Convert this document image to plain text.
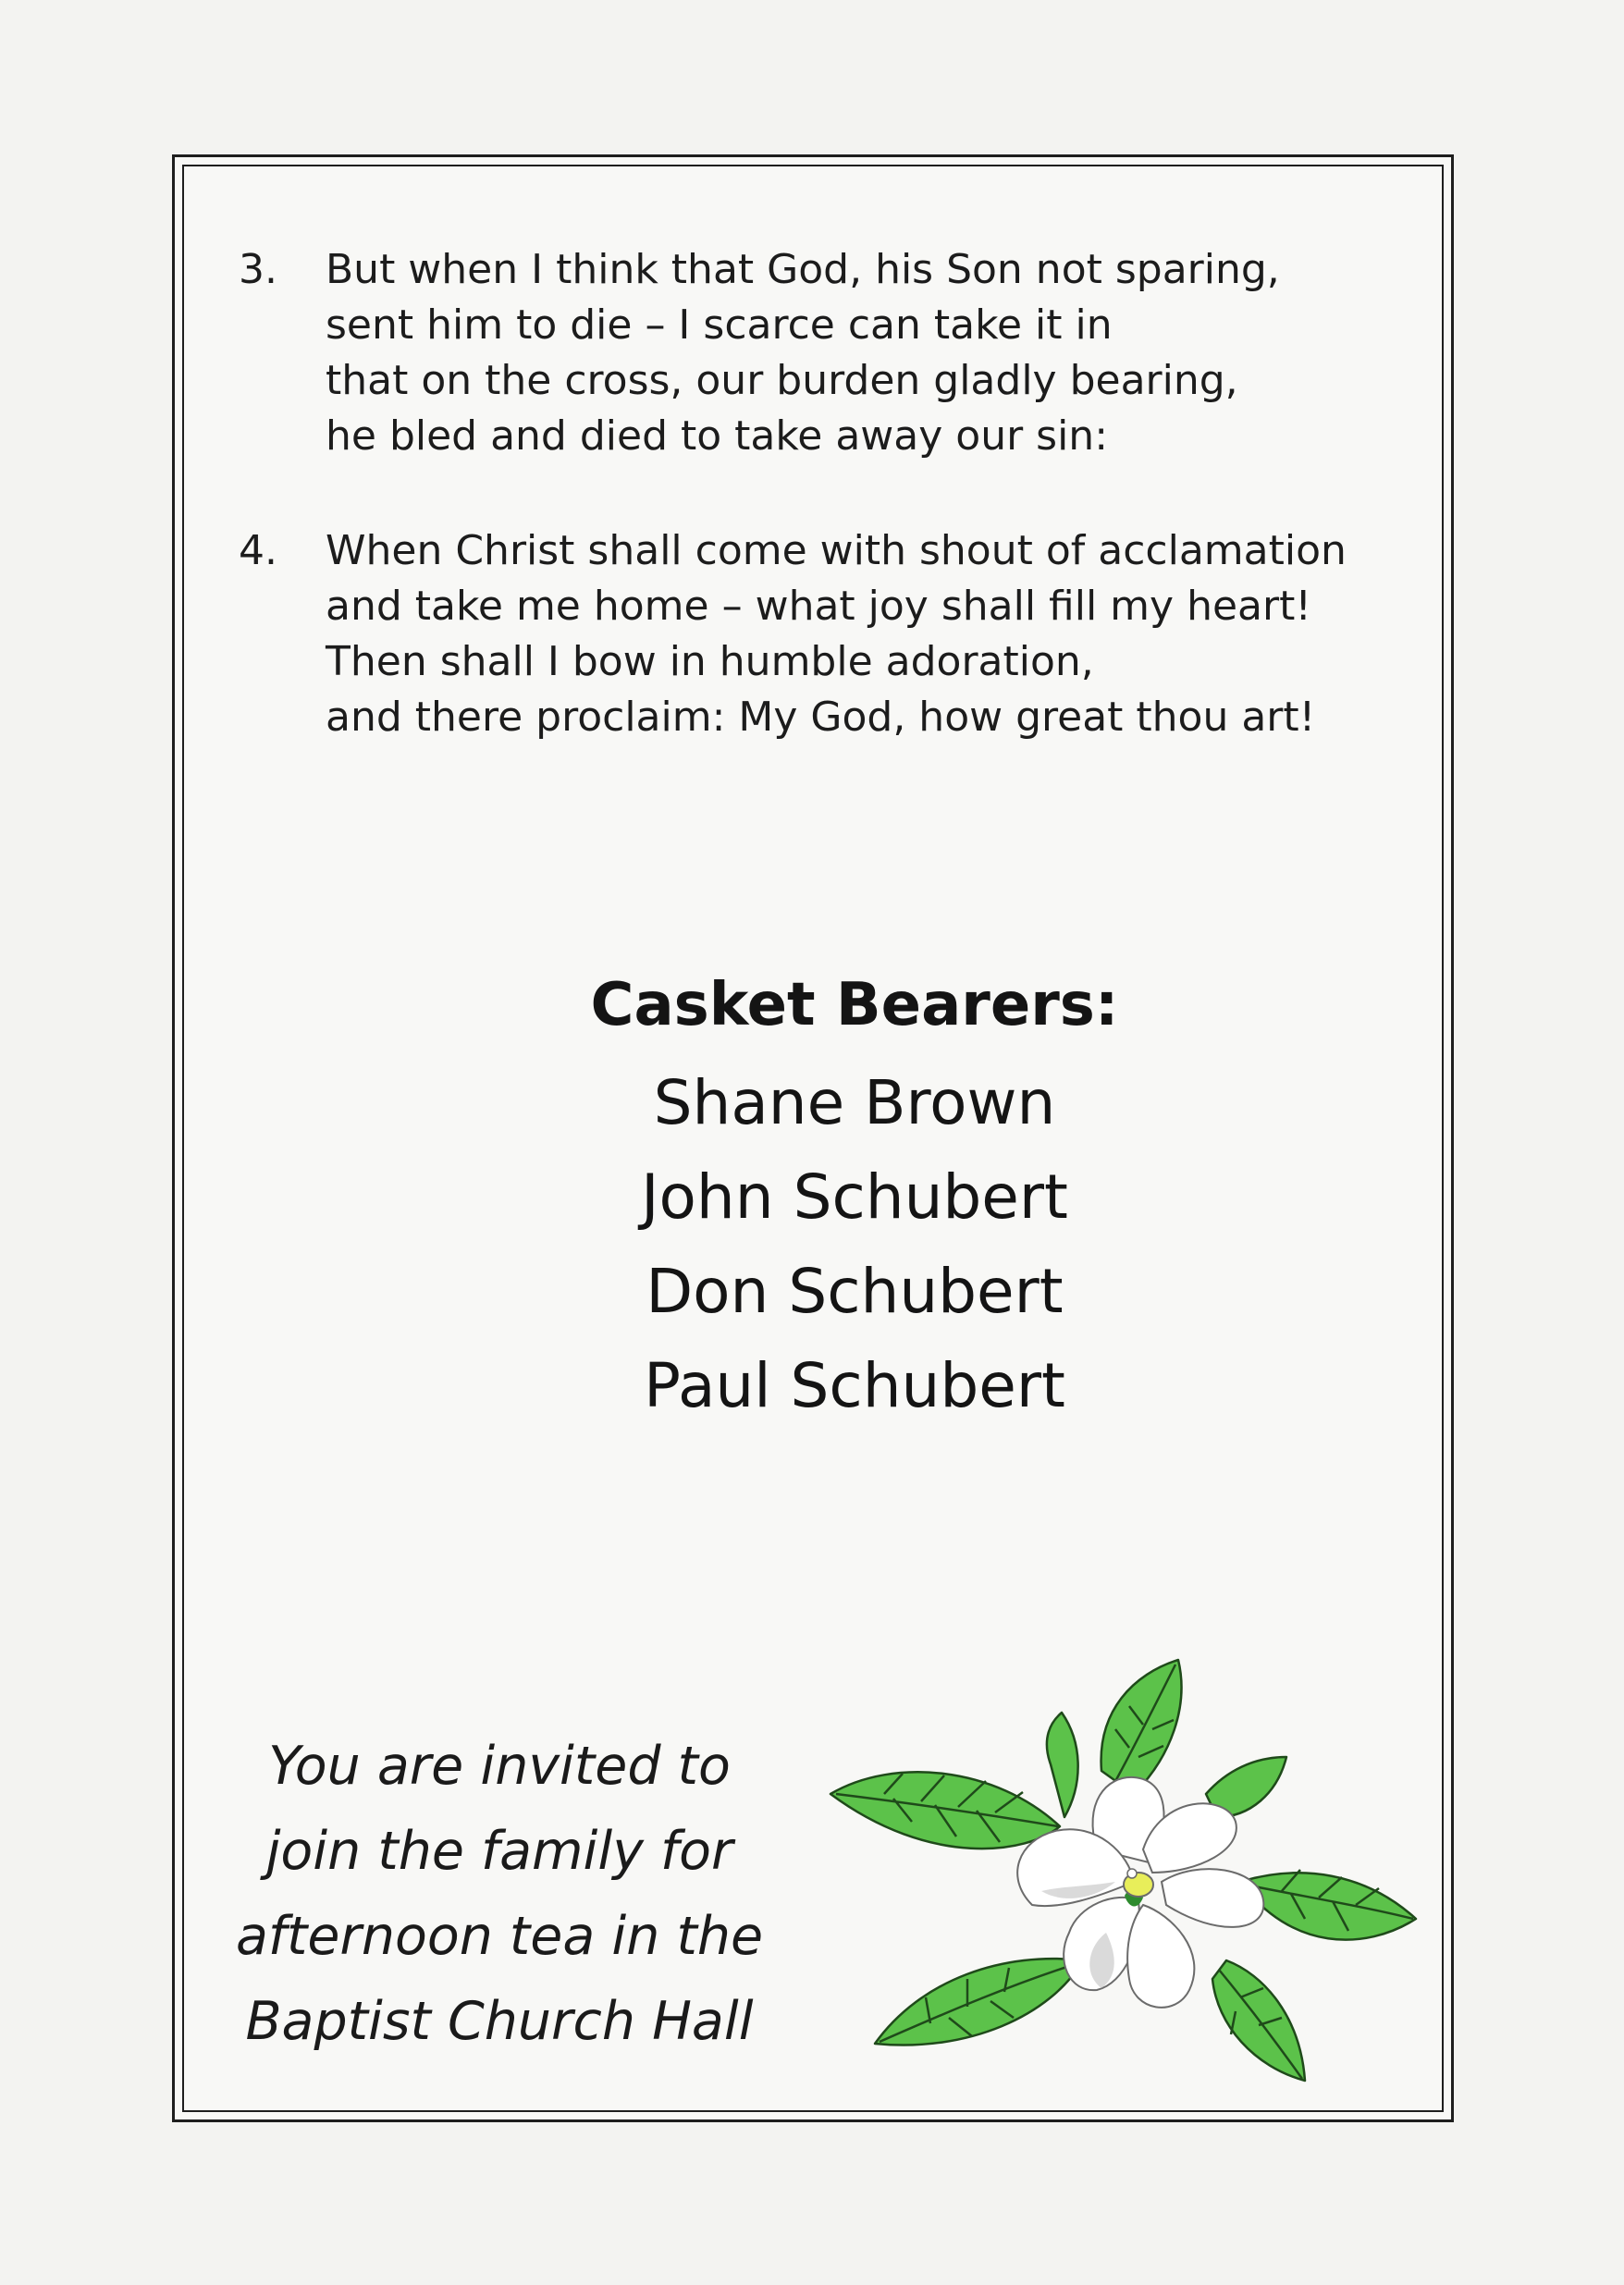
3.	But when I think that God, his Son not sparing,
sent him to die – I scarce can take it in
that on the cross, our burden gladly bearing,
he bled and died to take away our sin:
4.	When Christ shall come with shout of acclamation
and take me home – what joy shall fill my heart!
Then shall I bow in humble adoration,
and there proclaim: My God, how great thou art!
Casket Bearers:
Shane Brown
John Schubert
Don Schubert
Paul Schubert
You are invited to
join the family for
afternoon tea in the
Baptist Church Hall
